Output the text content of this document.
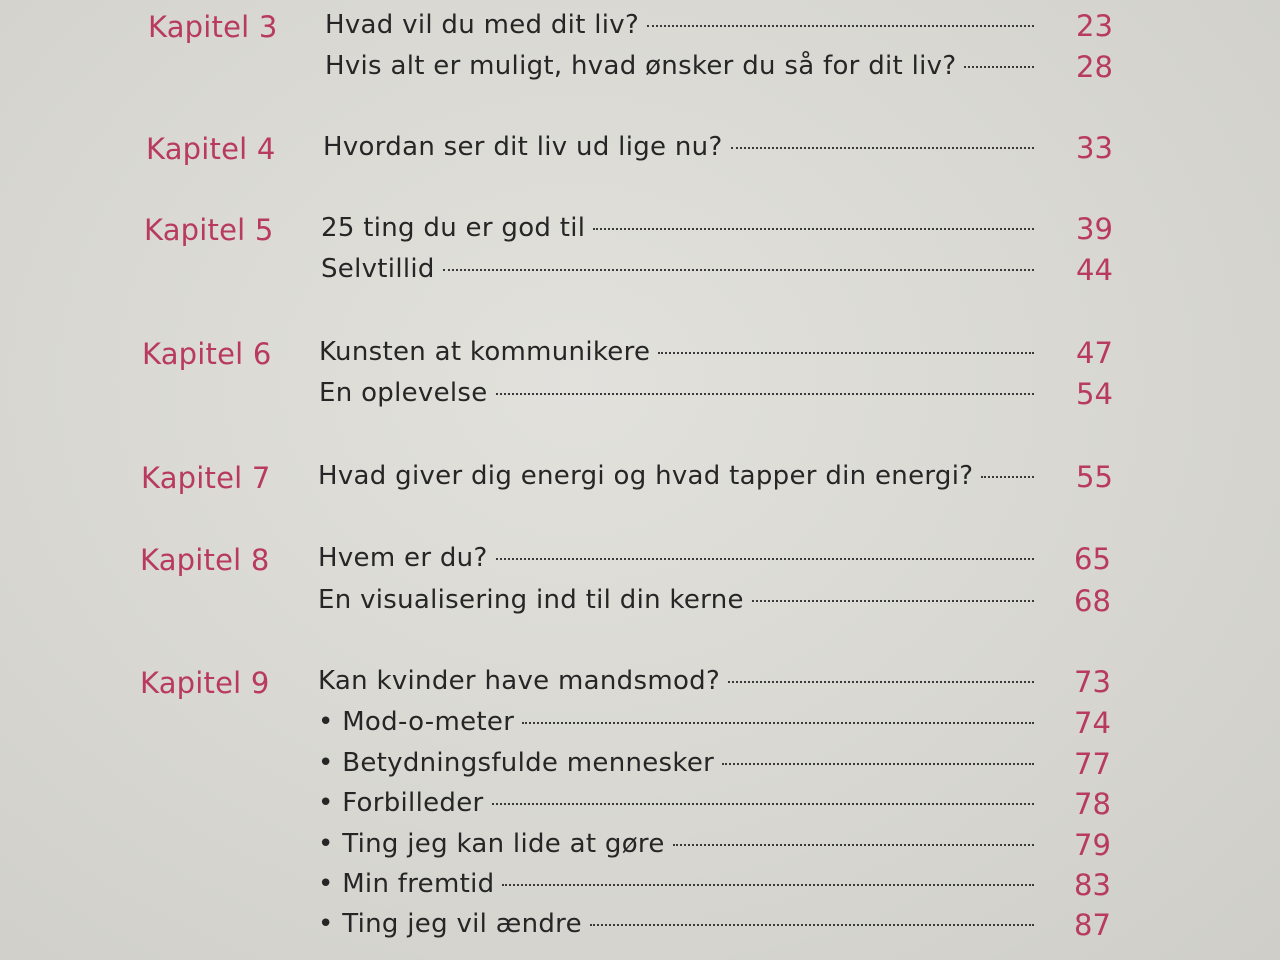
Kapitel 3 Hvad vil du med dit liv?	23
Hvis alt er muligt, hvad ønsker du så for dit liv?	28
Kapitel 4 Hvordan ser dit liv ud lige nu?	33
Kapitel 5 25 ting du er god til	39
Selvtillid	44
Kapitel 6 Kunsten at kommunikere	47
En oplevelse	54
Kapitel 7 Hvad giver dig energi og hvad tapper din energi?	55
Kapitel 8 Hvem er du?	65
En visualisering ind til din kerne	68
Kapitel 9 Kan kvinder have mandsmod?	73
• Mod-o-meter	74
• Betydningsfulde mennesker	77
• Forbilleder	78
• Ting jeg kan lide at gøre	79
• Min fremtid	83
• Ting jeg vil ændre	87
